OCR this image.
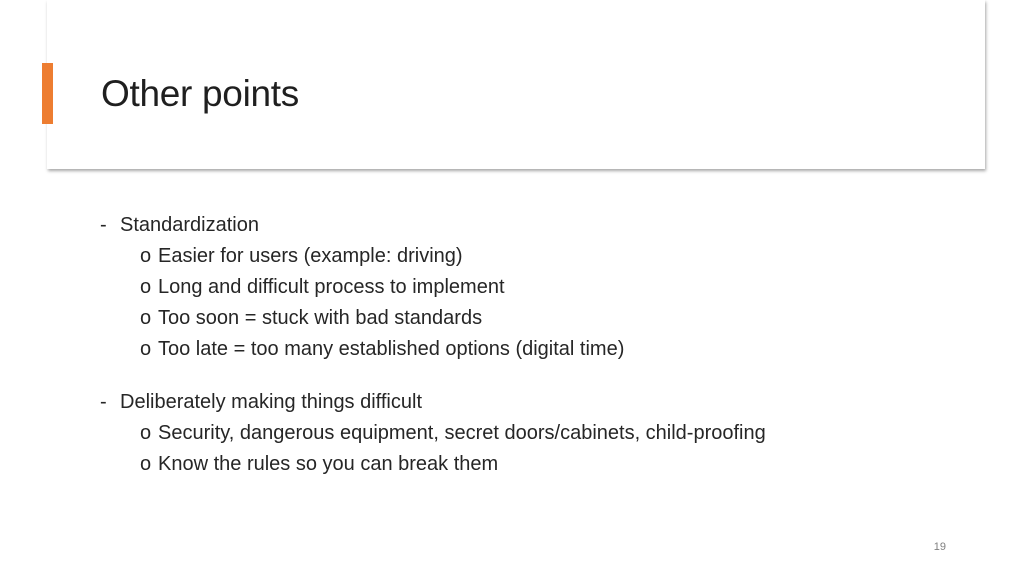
Other points
- Standardization
o Easier for users (example: driving)
o Long and difficult process to implement
o Too soon = stuck with bad standards
o Too late = too many established options (digital time)
- Deliberately making things difficult
o Security, dangerous equipment, secret doors/cabinets, child-proofing
o Know the rules so you can break them
19
